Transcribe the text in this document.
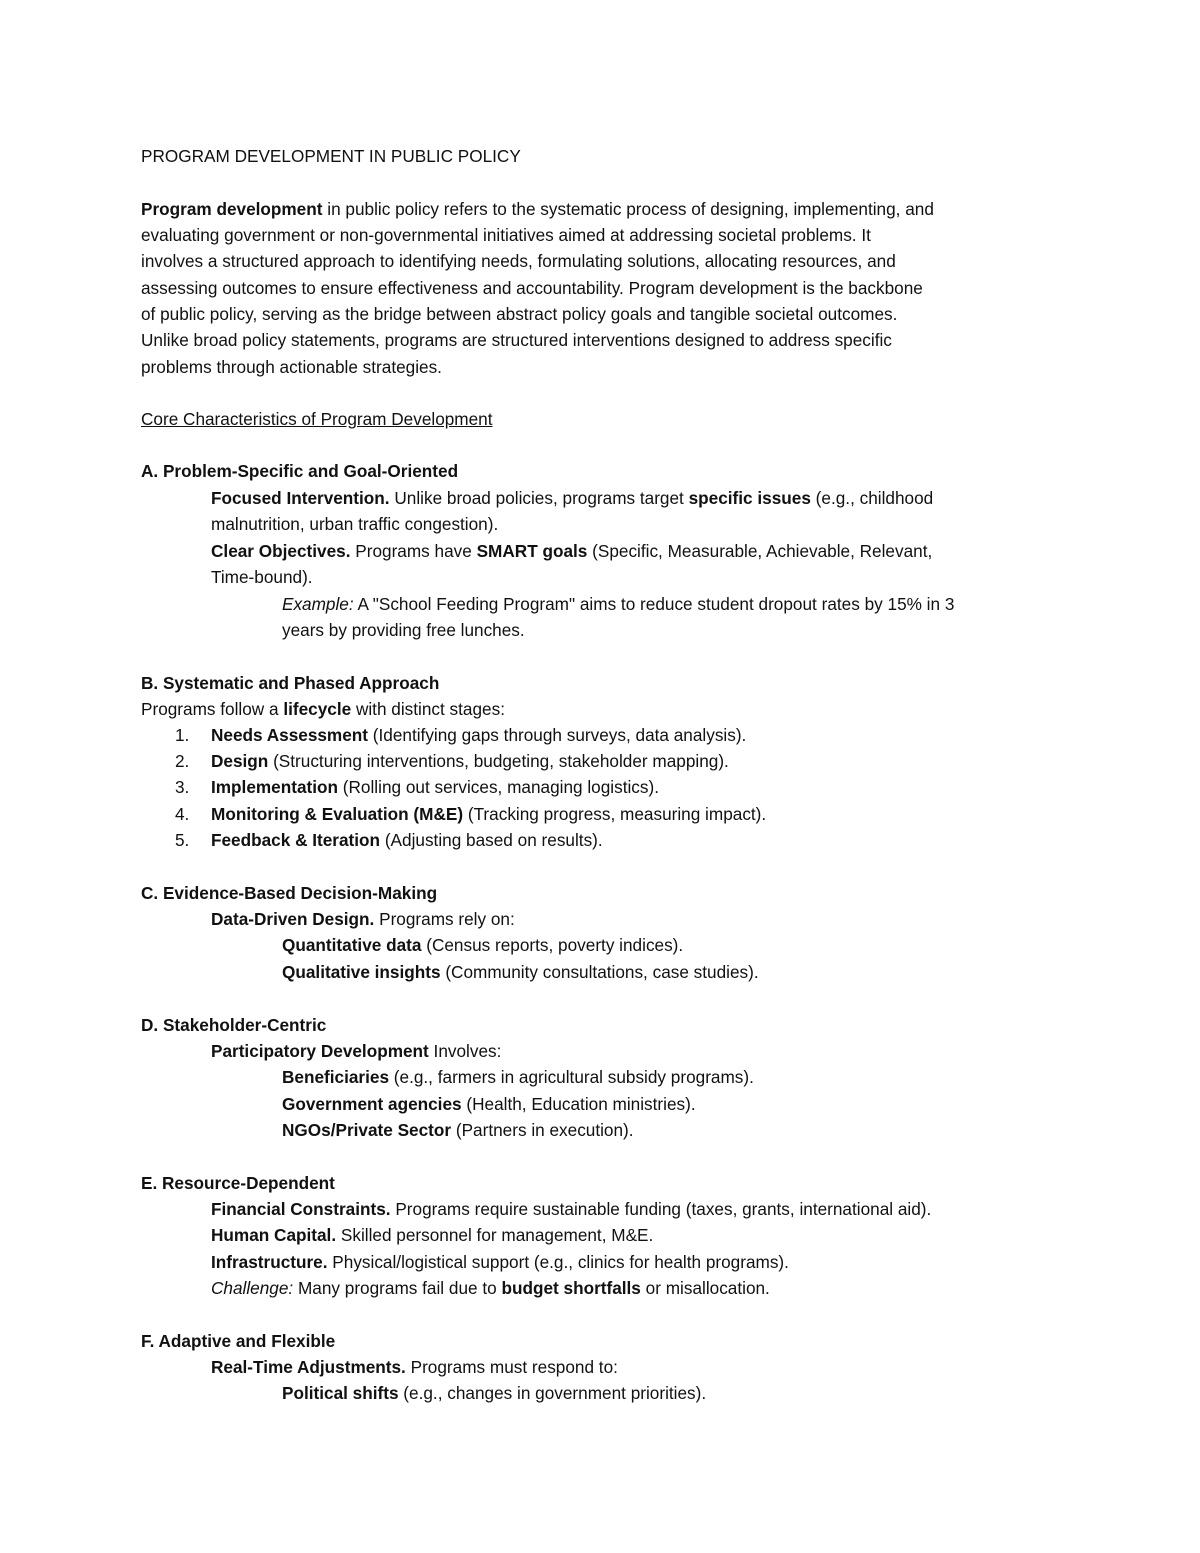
PROGRAM DEVELOPMENT IN PUBLIC POLICY
Program development in public policy refers to the systematic process of designing, implementing, and
evaluating government or non-governmental initiatives aimed at addressing societal problems. It
involves a structured approach to identifying needs, formulating solutions, allocating resources, and
assessing outcomes to ensure effectiveness and accountability. Program development is the backbone
of public policy, serving as the bridge between abstract policy goals and tangible societal outcomes.
Unlike broad policy statements, programs are structured interventions designed to address specific
problems through actionable strategies.
Core Characteristics of Program Development
A. Problem-Specific and Goal-Oriented
Focused Intervention. Unlike broad policies, programs target specific issues (e.g., childhood
malnutrition, urban traffic congestion).
Clear Objectives. Programs have SMART goals (Specific, Measurable, Achievable, Relevant,
Time-bound).
Example: A "School Feeding Program" aims to reduce student dropout rates by 15% in 3
years by providing free lunches.
B. Systematic and Phased Approach
Programs follow a lifecycle with distinct stages:
1. Needs Assessment (Identifying gaps through surveys, data analysis).
2. Design (Structuring interventions, budgeting, stakeholder mapping).
3. Implementation (Rolling out services, managing logistics).
4. Monitoring & Evaluation (M&E) (Tracking progress, measuring impact).
5. Feedback & Iteration (Adjusting based on results).
C. Evidence-Based Decision-Making
Data-Driven Design. Programs rely on:
Quantitative data (Census reports, poverty indices).
Qualitative insights (Community consultations, case studies).
D. Stakeholder-Centric
Participatory Development Involves:
Beneficiaries (e.g., farmers in agricultural subsidy programs).
Government agencies (Health, Education ministries).
NGOs/Private Sector (Partners in execution).
E. Resource-Dependent
Financial Constraints. Programs require sustainable funding (taxes, grants, international aid).
Human Capital. Skilled personnel for management, M&E.
Infrastructure. Physical/logistical support (e.g., clinics for health programs).
Challenge: Many programs fail due to budget shortfalls or misallocation.
F. Adaptive and Flexible
Real-Time Adjustments. Programs must respond to:
Political shifts (e.g., changes in government priorities).
